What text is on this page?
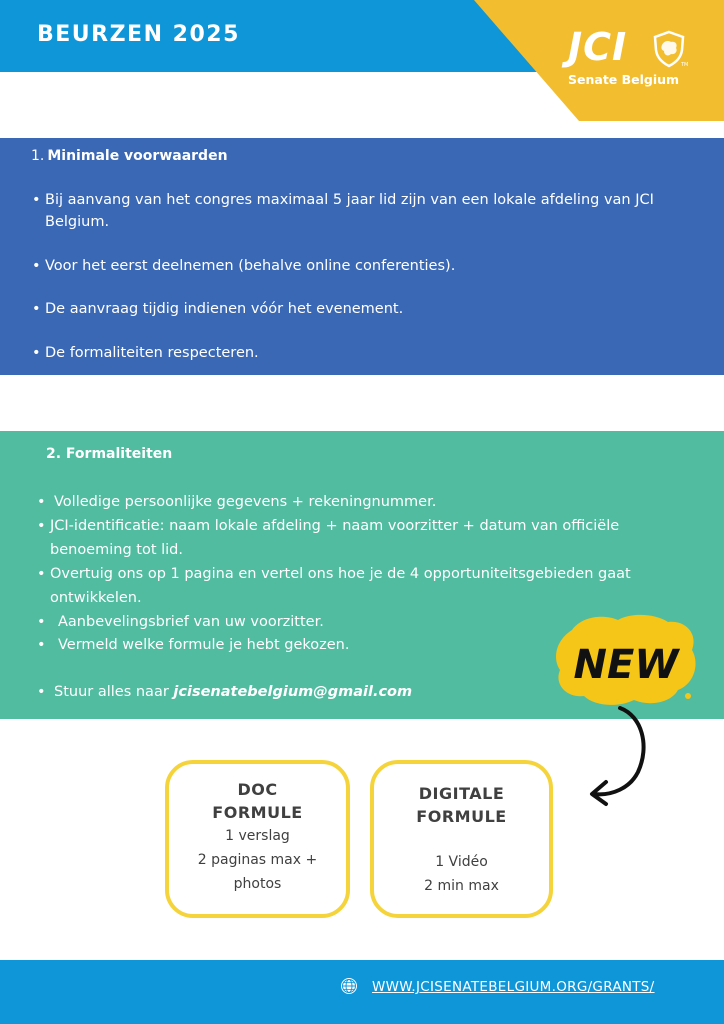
BEURZEN 2025	JCI	TM
Senate Belgium
1. Minimale voorwaarden
• Bij aanvang van het congres maximaal 5 jaar lid zijn van een lokale afdeling van JCI Belgium.
• Voor het eerst deelnemen (behalve online conferenties).
• De aanvraag tijdig indienen vóór het evenement.
• De formaliteiten respecteren.
2. Formaliteiten
• Volledige persoonlijke gegevens + rekeningnummer.
• JCI-identificatie: naam lokale afdeling + naam voorzitter + datum van officiële benoeming tot lid.
• Overtuig ons op 1 pagina en vertel ons hoe je de 4 opportuniteitsgebieden gaat ontwikkelen.
• Aanbevelingsbrief van uw voorzitter.
• Vermeld welke formule je hebt gekozen.
• Stuur alles naar jcisenatebelgium@gmail.com
NEW
DOC
FORMULE
1 verslag
2 paginas max +
photos
DIGITALE
FORMULE
1 Vidéo
2 min max
WWW.JCISENATEBELGIUM.ORG/GRANTS/
